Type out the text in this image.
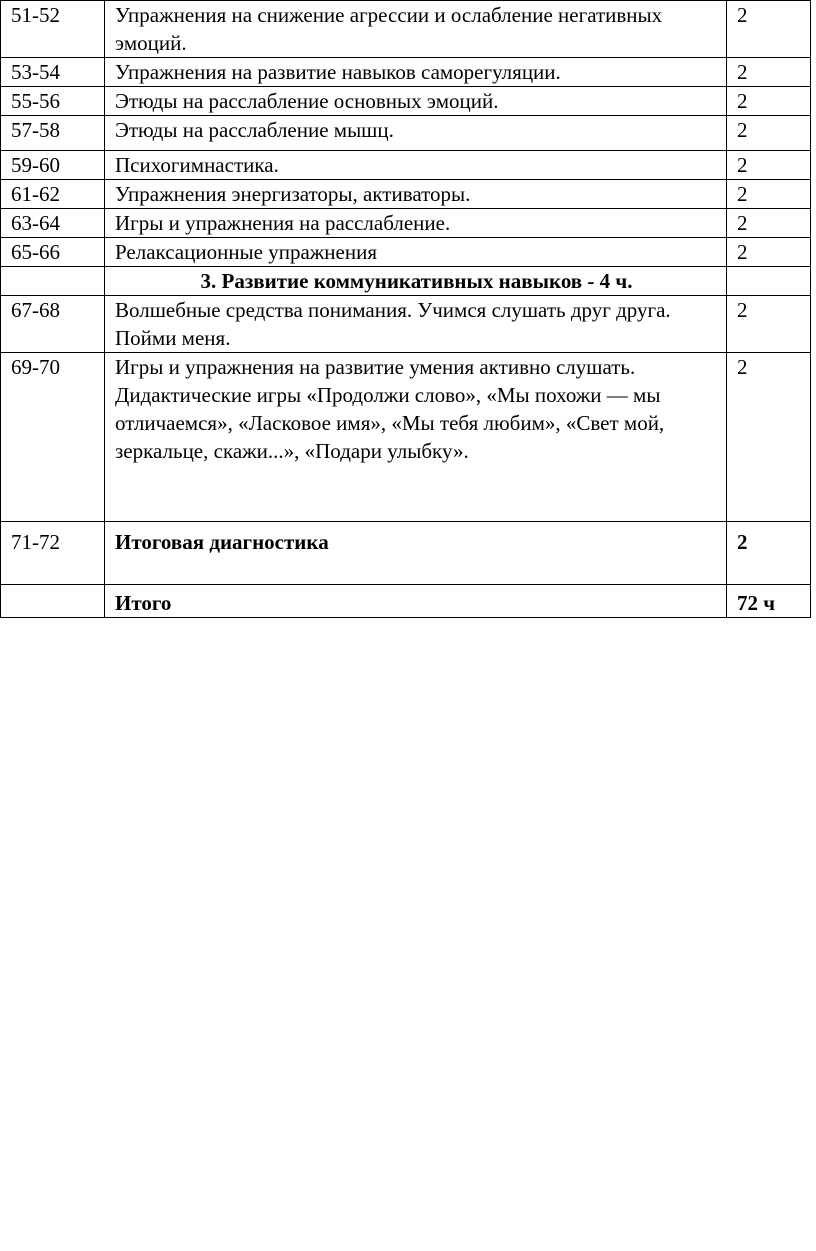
51-52	Упражнения на снижение агрессии и ослабление негативных эмоций.	2
53-54	Упражнения на развитие навыков саморегуляции.	2
55-56	Этюды на расслабление основных эмоций.	2
57-58	Этюды на расслабление мышц.	2
59-60	Психогимнастика.	2
61-62	Упражнения энергизаторы, активаторы.	2
63-64	Игры и упражнения на расслабление.	2
65-66	Релаксационные упражнения	2
	3. Развитие коммуникативных навыков - 4 ч.	
67-68	Волшебные средства понимания. Учимся слушать друг друга. Пойми меня.	2
69-70	Игры и упражнения на развитие умения активно слушать. Дидактические игры «Продолжи слово», «Мы похожи — мы отличаемся», «Ласковое имя», «Мы тебя любим», «Свет мой, зеркальце, скажи...», «Подари улыбку».	2
71-72	Итоговая диагностика	2
	Итого	72 ч
